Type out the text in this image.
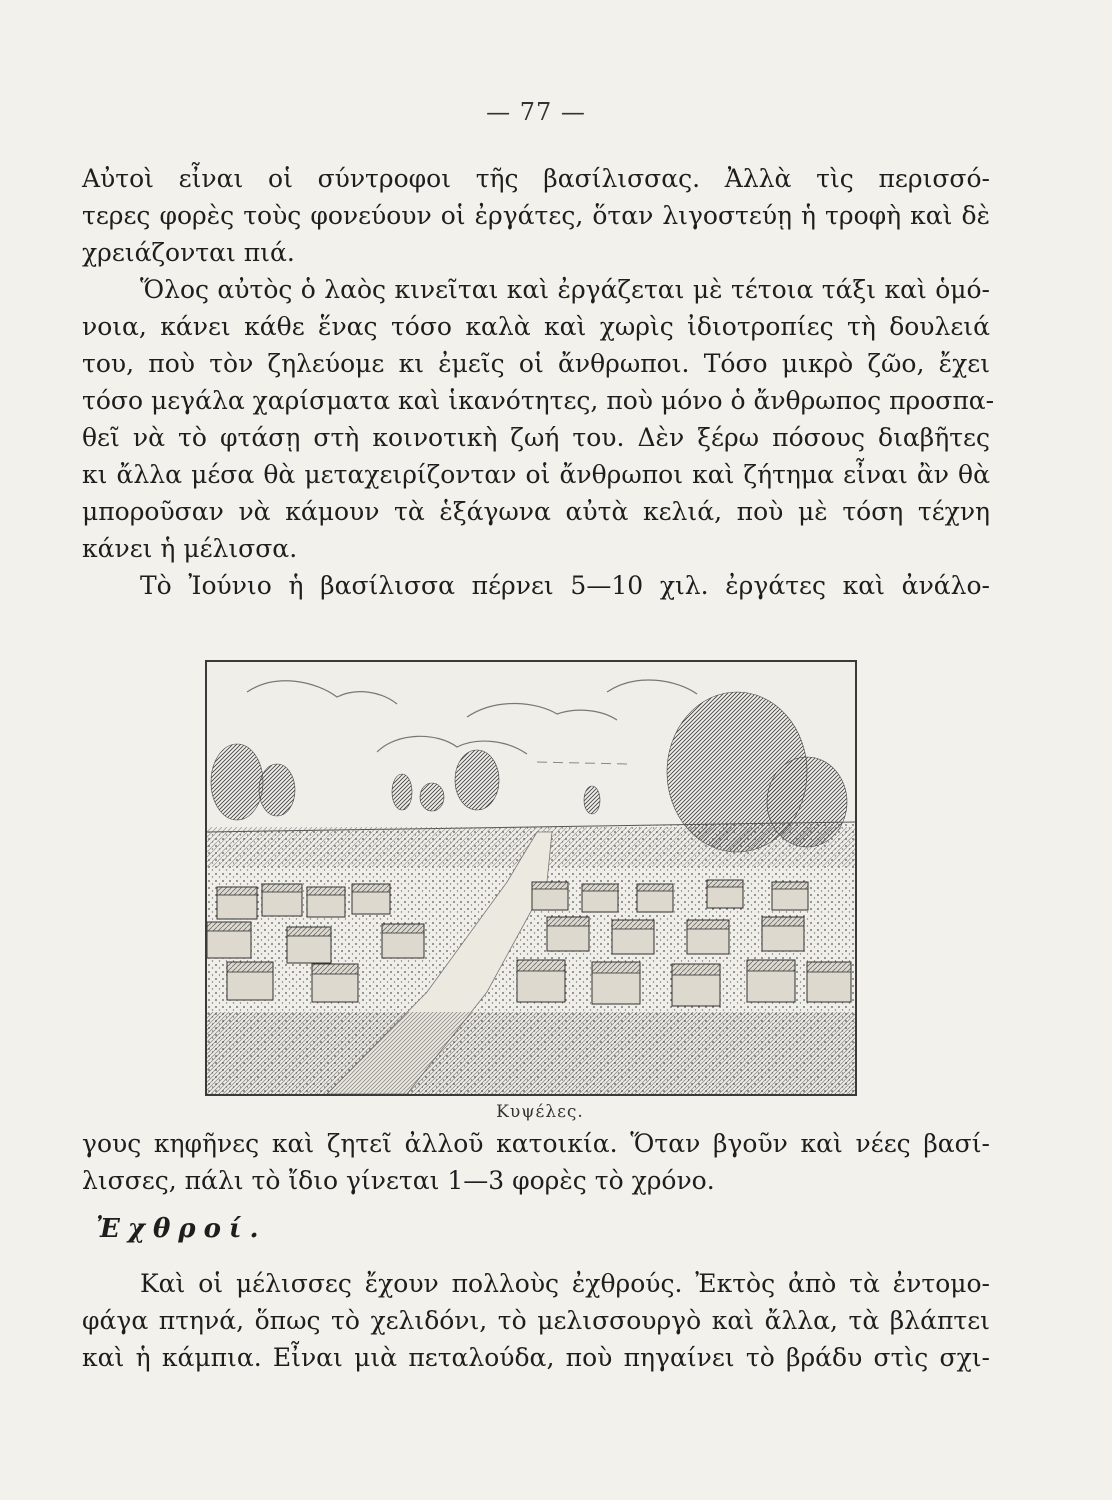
— 77 —
Αὐτοὶ εἶναι οἱ σύντροφοι τῆς βασίλισσας. Ἀλλὰ τὶς περισσό-
τερες φορὲς τοὺς φονεύουν οἱ ἐργάτες, ὅταν λιγοστεύῃ ἡ τροφὴ καὶ δὲ
χρειάζονται πιά.
Ὅλος αὐτὸς ὁ λαὸς κινεῖται καὶ ἐργάζεται μὲ τέτοια τάξι καὶ ὁμό-
νοια, κάνει κάθε ἕνας τόσο καλὰ καὶ χωρὶς ἰδιοτροπίες τὴ δουλειά
του, ποὺ τὸν ζηλεύομε κι ἐμεῖς οἱ ἄνθρωποι. Τόσο μικρὸ ζῶο, ἔχει
τόσο μεγάλα χαρίσματα καὶ ἱκανότητες, ποὺ μόνο ὁ ἄνθρωπος προσπα-
θεῖ νὰ τὸ φτάσῃ στὴ κοινοτικὴ ζωή του. Δὲν ξέρω πόσους διαβῆτες
κι ἄλλα μέσα θὰ μεταχειρίζονταν οἱ ἄνθρωποι καὶ ζήτημα εἶναι ἂν θὰ
μποροῦσαν νὰ κάμουν τὰ ἑξάγωνα αὐτὰ κελιά, ποὺ μὲ τόση τέχνη
κάνει ἡ μέλισσα.
Τὸ Ἰούνιο ἡ βασίλισσα πέρνει 5—10 χιλ. ἐργάτες καὶ ἀνάλο-
Κυψέλες.
γους κηφῆνες καὶ ζητεῖ ἀλλοῦ κατοικία. Ὅταν βγοῦν καὶ νέες βασί-
λισσες, πάλι τὸ ἴδιο γίνεται 1—3 φορὲς τὸ χρόνο.
Ἐχθροί.
Καὶ οἱ μέλισσες ἔχουν πολλοὺς ἐχθρούς. Ἐκτὸς ἀπὸ τὰ ἐντομο-
φάγα πτηνά, ὅπως τὸ χελιδόνι, τὸ μελισσουργὸ καὶ ἄλλα, τὰ βλάπτει
καὶ ἡ κάμπια. Εἶναι μιὰ πεταλούδα, ποὺ πηγαίνει τὸ βράδυ στὶς σχι-
